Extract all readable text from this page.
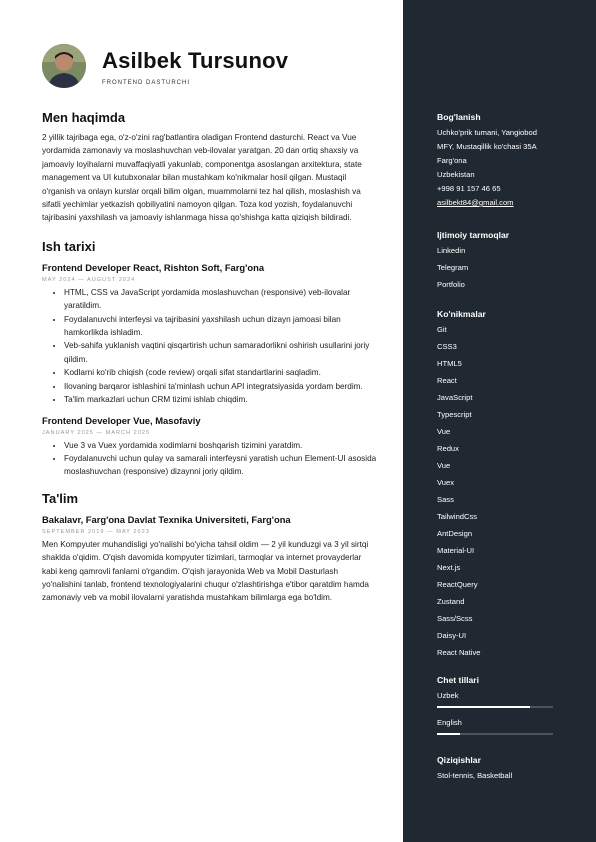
Asilbek Tursunov
FRONTEND DASTURCHI
Men haqimda

2 yillik tajribaga ega, o'z-o'zini rag'batlantira oladigan Frontend dasturchi. React va Vue yordamida zamonaviy va moslashuvchan veb-ilovalar yaratgan. 20 dan ortiq shaxsiy va jamoaviy loyihalarni muvaffaqiyatli yakunlab, componentga asoslangan arxitektura, state management va UI kutubxonalar bilan mustahkam ko'nikmalar hosil qilgan. Mustaqil o'rganish va onlayn kurslar orqali bilim olgan, muammolarni tez hal qilish, moslashish va sifatli yechimlar yetkazish qobiliyatini namoyon qilgan. Toza kod yozish, foydalanuvchi tajribasini yaxshilash va jamoaviy ishlanmaga hissa qo'shishga katta qiziqish bildiradi.

Ish tarixi
Frontend Developer React, Rishton Soft, Farg'ona
MAY 2024 — AUGUST 2024
• HTML, CSS va JavaScript yordamida moslashuvchan (responsive) veb-ilovalar yaratildim.
• Foydalanuvchi interfeysi va tajribasini yaxshilash uchun dizayn jamoasi bilan hamkorlikda ishladim.
• Veb-sahifa yuklanish vaqtini qisqartirish uchun samaradorlikni oshirish usullarini joriy qildim.
• Kodlarni ko'rib chiqish (code review) orqali sifat standartlarini saqladim.
• Ilovaning barqaror ishlashini ta'minlash uchun API integratsiyasida yordam berdim.
• Ta'lim markazlari uchun CRM tizimi ishlab chiqdim.
Frontend Developer Vue, Masofaviy
JANUARY 2025 — MARCH 2025
• Vue 3 va Vuex yordamida xodimlarni boshqarish tizimini yaratdim.
• Foydalanuvchi uchun qulay va samarali interfeysni yaratish uchun Element-UI asosida moslashuvchan (responsive) dizaynni joriy qildim.
Ta'lim
Bakalavr, Farg'ona Davlat Texnika Universiteti, Farg'ona
SEPTEMBER 2019 — MAY 2023

Men Kompyuter muhandisligi yo'nalishi bo'yicha tahsil oldim — 2 yil kunduzgi va 3 yil sirtqi shaklda o'qidim. O'qish davomida kompyuter tizimlari, tarmoqlar va internet provayderlar kabi keng qamrovli fanlarni o'rgandim. O'qish jarayonida Web va Mobil Dasturlash yo'nalishini tanlab, frontend texnologiyalarini chuqur o'zlashtirishga e'tibor qaratdim hamda zamonaviy veb va mobil ilovalarni yaratishda mustahkam bilimlarga ega bo'ldim.

Bog'lanish
Uchko'prik tumani, Yangiobod
MFY, Mustaqillik ko'chasi 35A
Farg'ona
Uzbekistan
+998 91 157 46 65
asilbekt84@gmail.com
Ijtimoiy tarmoqlar
Linkedin
Telegram
Portfolio
Ko'nikmalar
Git
CSS3
HTML5
React
JavaScript
Typescript
Vue
Redux
Vue
Vuex
Sass
TailwindCss
AntDesign
Material-UI
Next.js
ReactQuery
Zustand
Sass/Scss
Daisy-UI
React Native
Chet tillari
Uzbek
English
Qiziqishlar
Stol-tennis, Basketball
